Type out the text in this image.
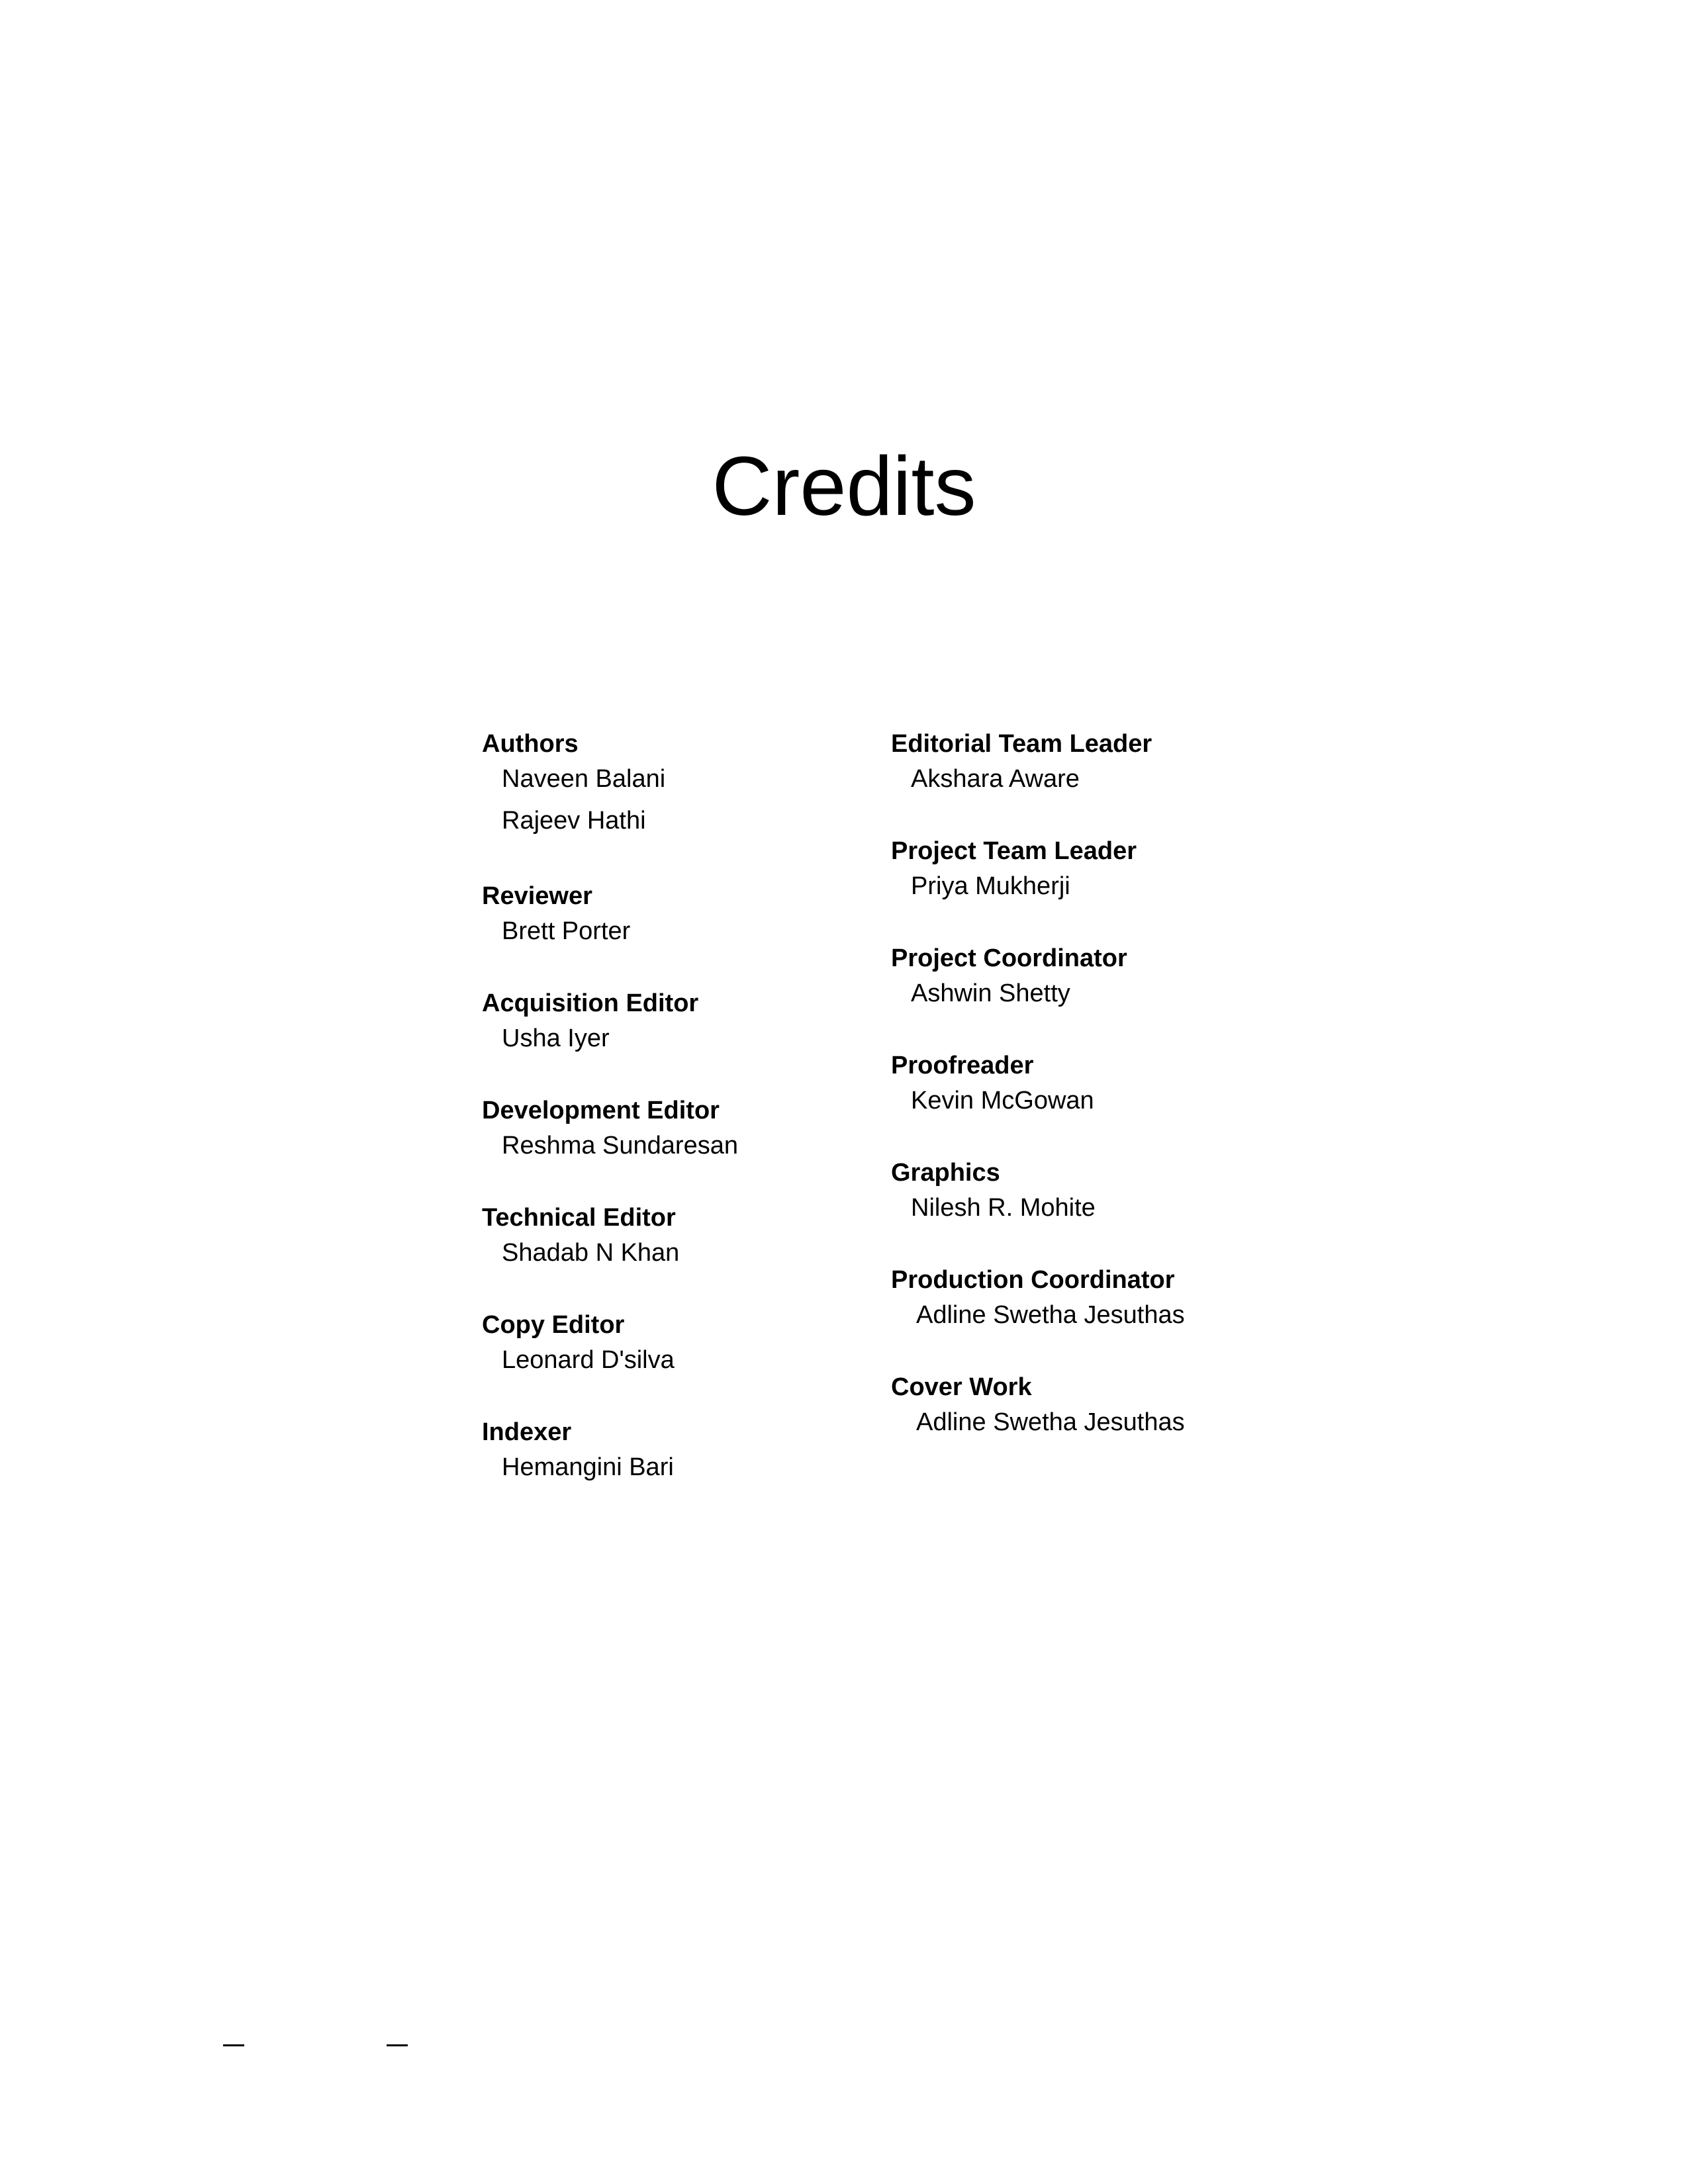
Credits

Authors

Naveen Balani

Rajeev Hathi

Reviewer

Brett Porter

Acquisition Editor

Usha Iyer

Development Editor

Reshma Sundaresan

Technical Editor

Shadab N Khan

Copy Editor

Leonard D'silva

Indexer

Hemangini Bari

Editorial Team Leader

Akshara Aware

Project Team Leader

Priya Mukherji

Project Coordinator

Ashwin Shetty

Proofreader

Kevin McGowan

Graphics

Nilesh R. Mohite

Production Coordinator

Adline Swetha Jesuthas

Cover Work

Adline Swetha Jesuthas
